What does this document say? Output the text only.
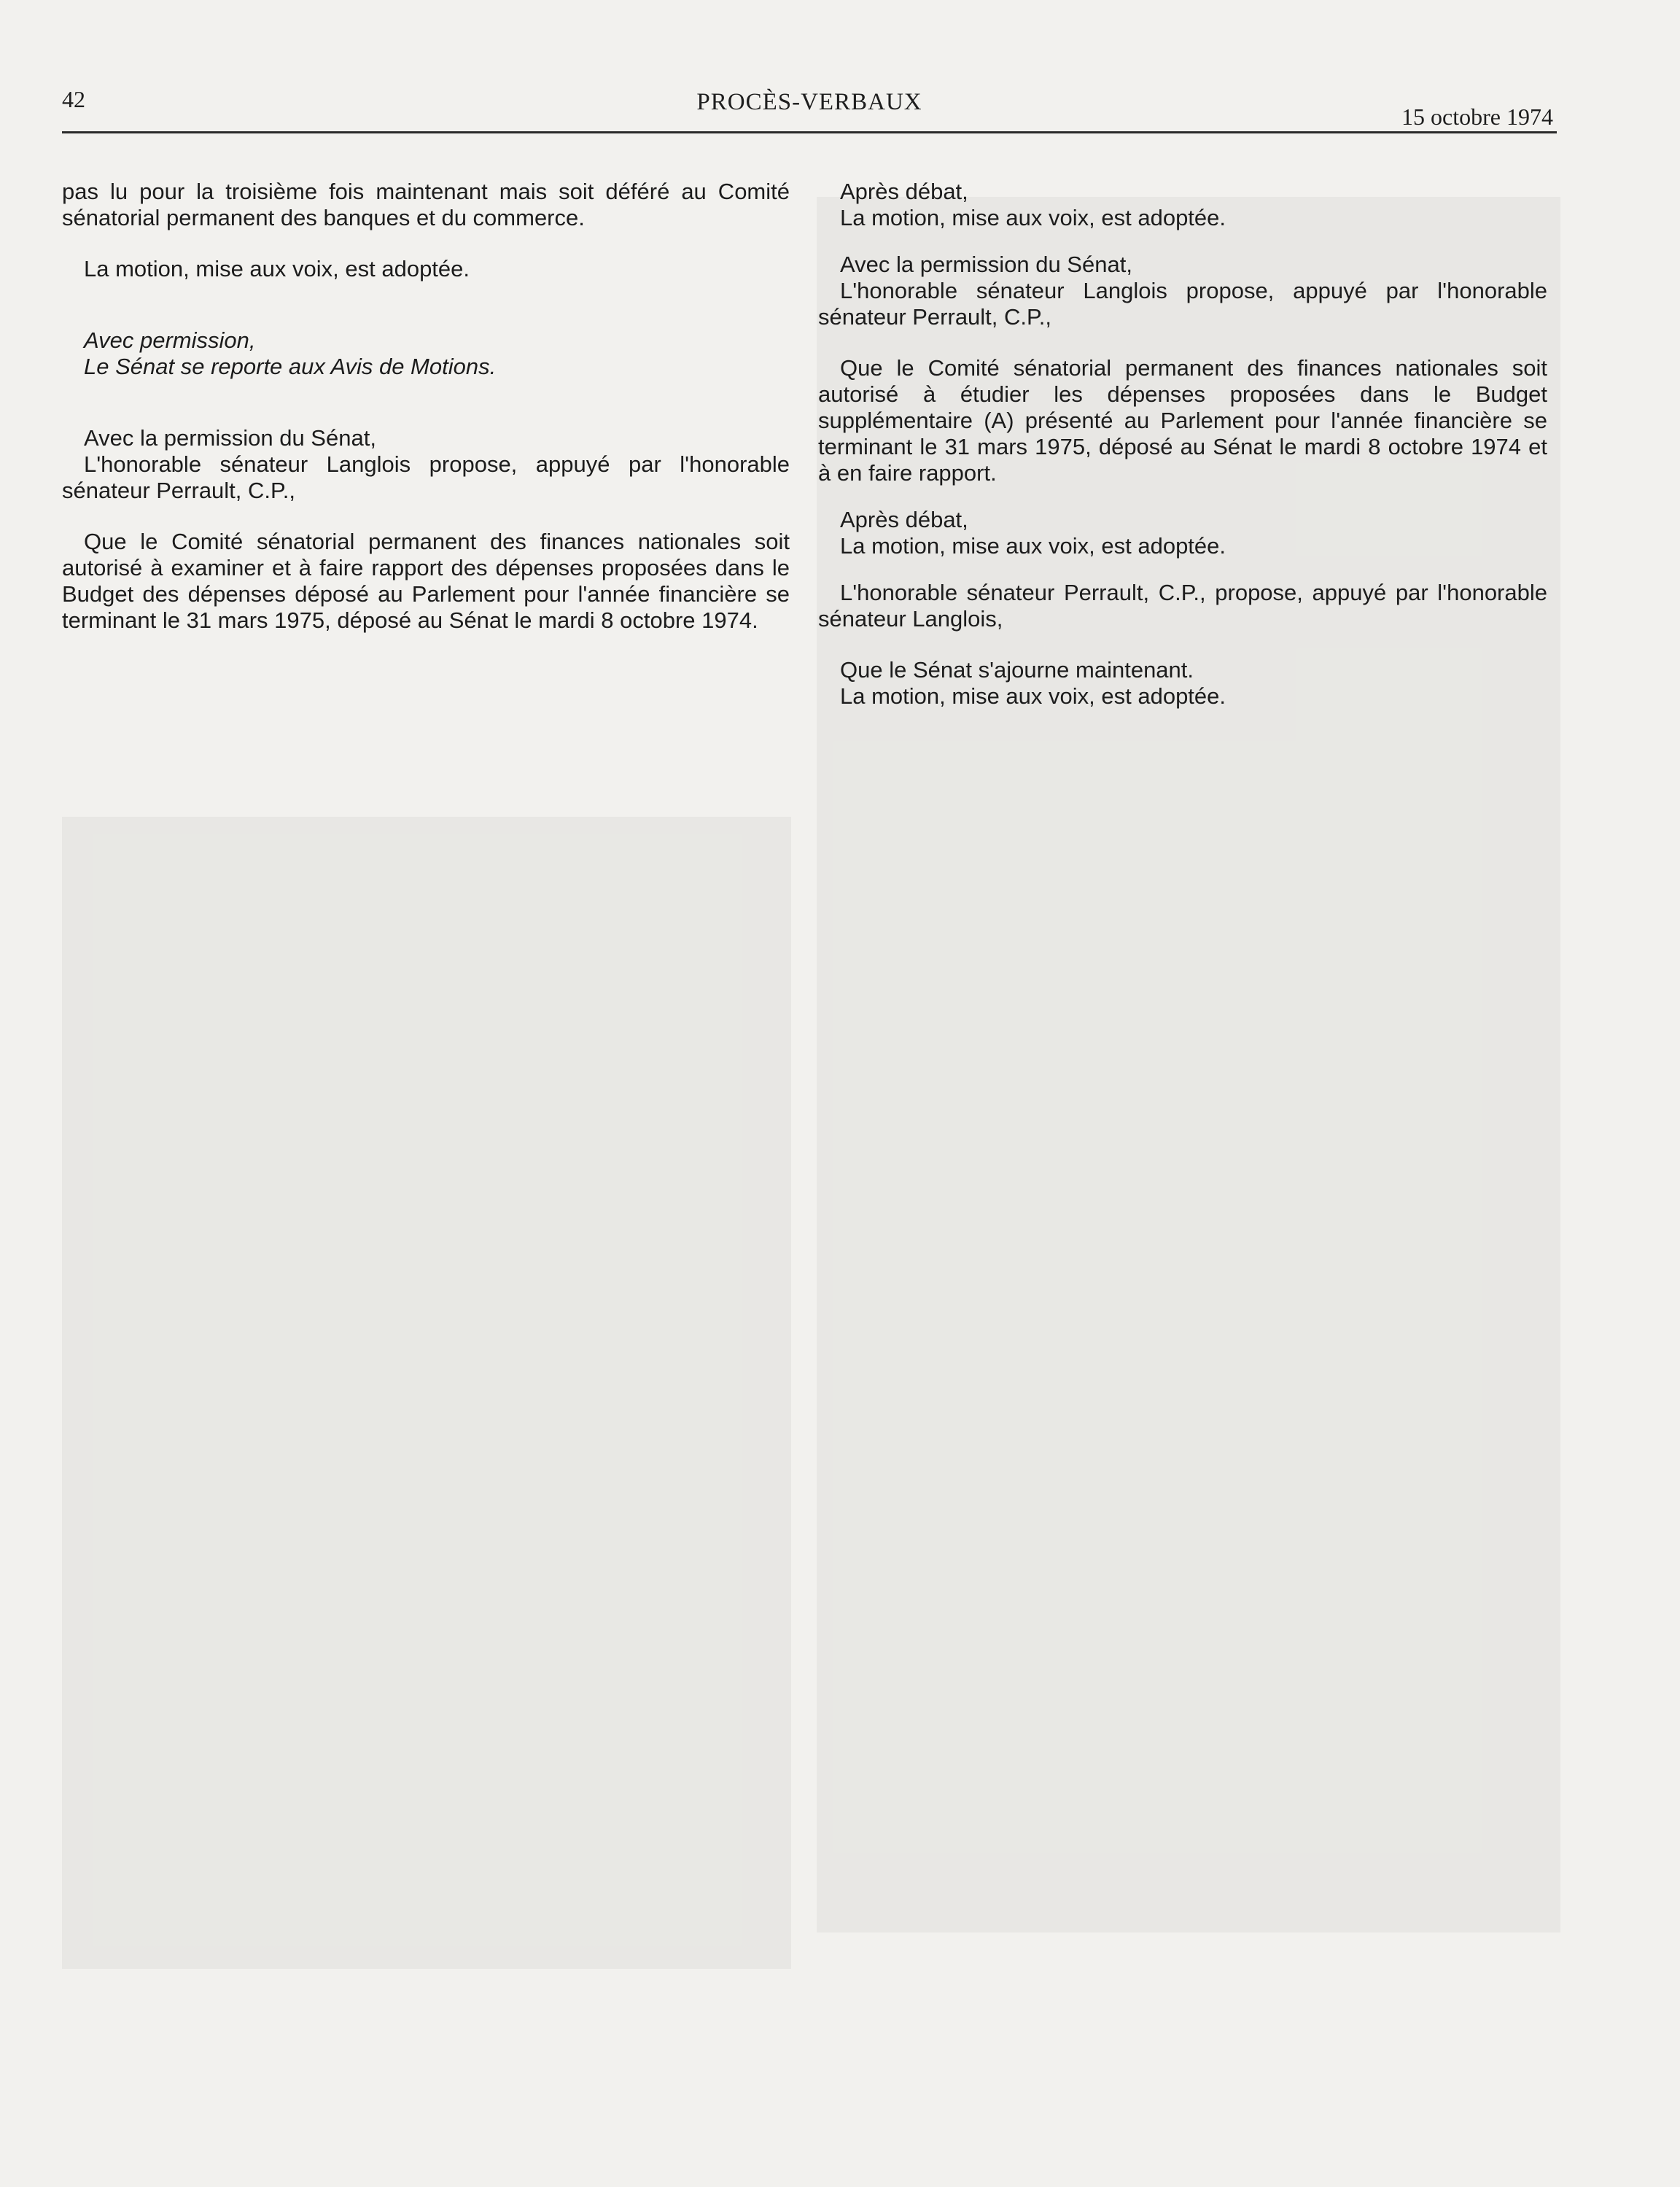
42	PROCÈS-VERBAUX
15 octobre 1974

pas lu pour la troisième fois maintenant mais soit déféré au Comité sénatorial permanent des banques et du commerce.

La motion, mise aux voix, est adoptée.

Avec permission,

Le Sénat se reporte aux Avis de Motions.

Avec la permission du Sénat,

L'honorable sénateur Langlois propose, appuyé par l'honorable sénateur Perrault, C.P.,

Que le Comité sénatorial permanent des finances nationales soit autorisé à examiner et à faire rapport des dépenses proposées dans le Budget des dépenses déposé au Parlement pour l'année financière se terminant le 31 mars 1975, déposé au Sénat le mardi 8 octobre 1974.

Après débat,

La motion, mise aux voix, est adoptée.

Avec la permission du Sénat,

L'honorable sénateur Langlois propose, appuyé par l'honorable sénateur Perrault, C.P.,

Que le Comité sénatorial permanent des finances nationales soit autorisé à étudier les dépenses proposées dans le Budget supplémentaire (A) présenté au Parlement pour l'année financière se terminant le 31 mars 1975, déposé au Sénat le mardi 8 octobre 1974 et à en faire rapport.

Après débat,

La motion, mise aux voix, est adoptée.

L'honorable sénateur Perrault, C.P., propose, appuyé par l'honorable sénateur Langlois,

Que le Sénat s'ajourne maintenant.

La motion, mise aux voix, est adoptée.
